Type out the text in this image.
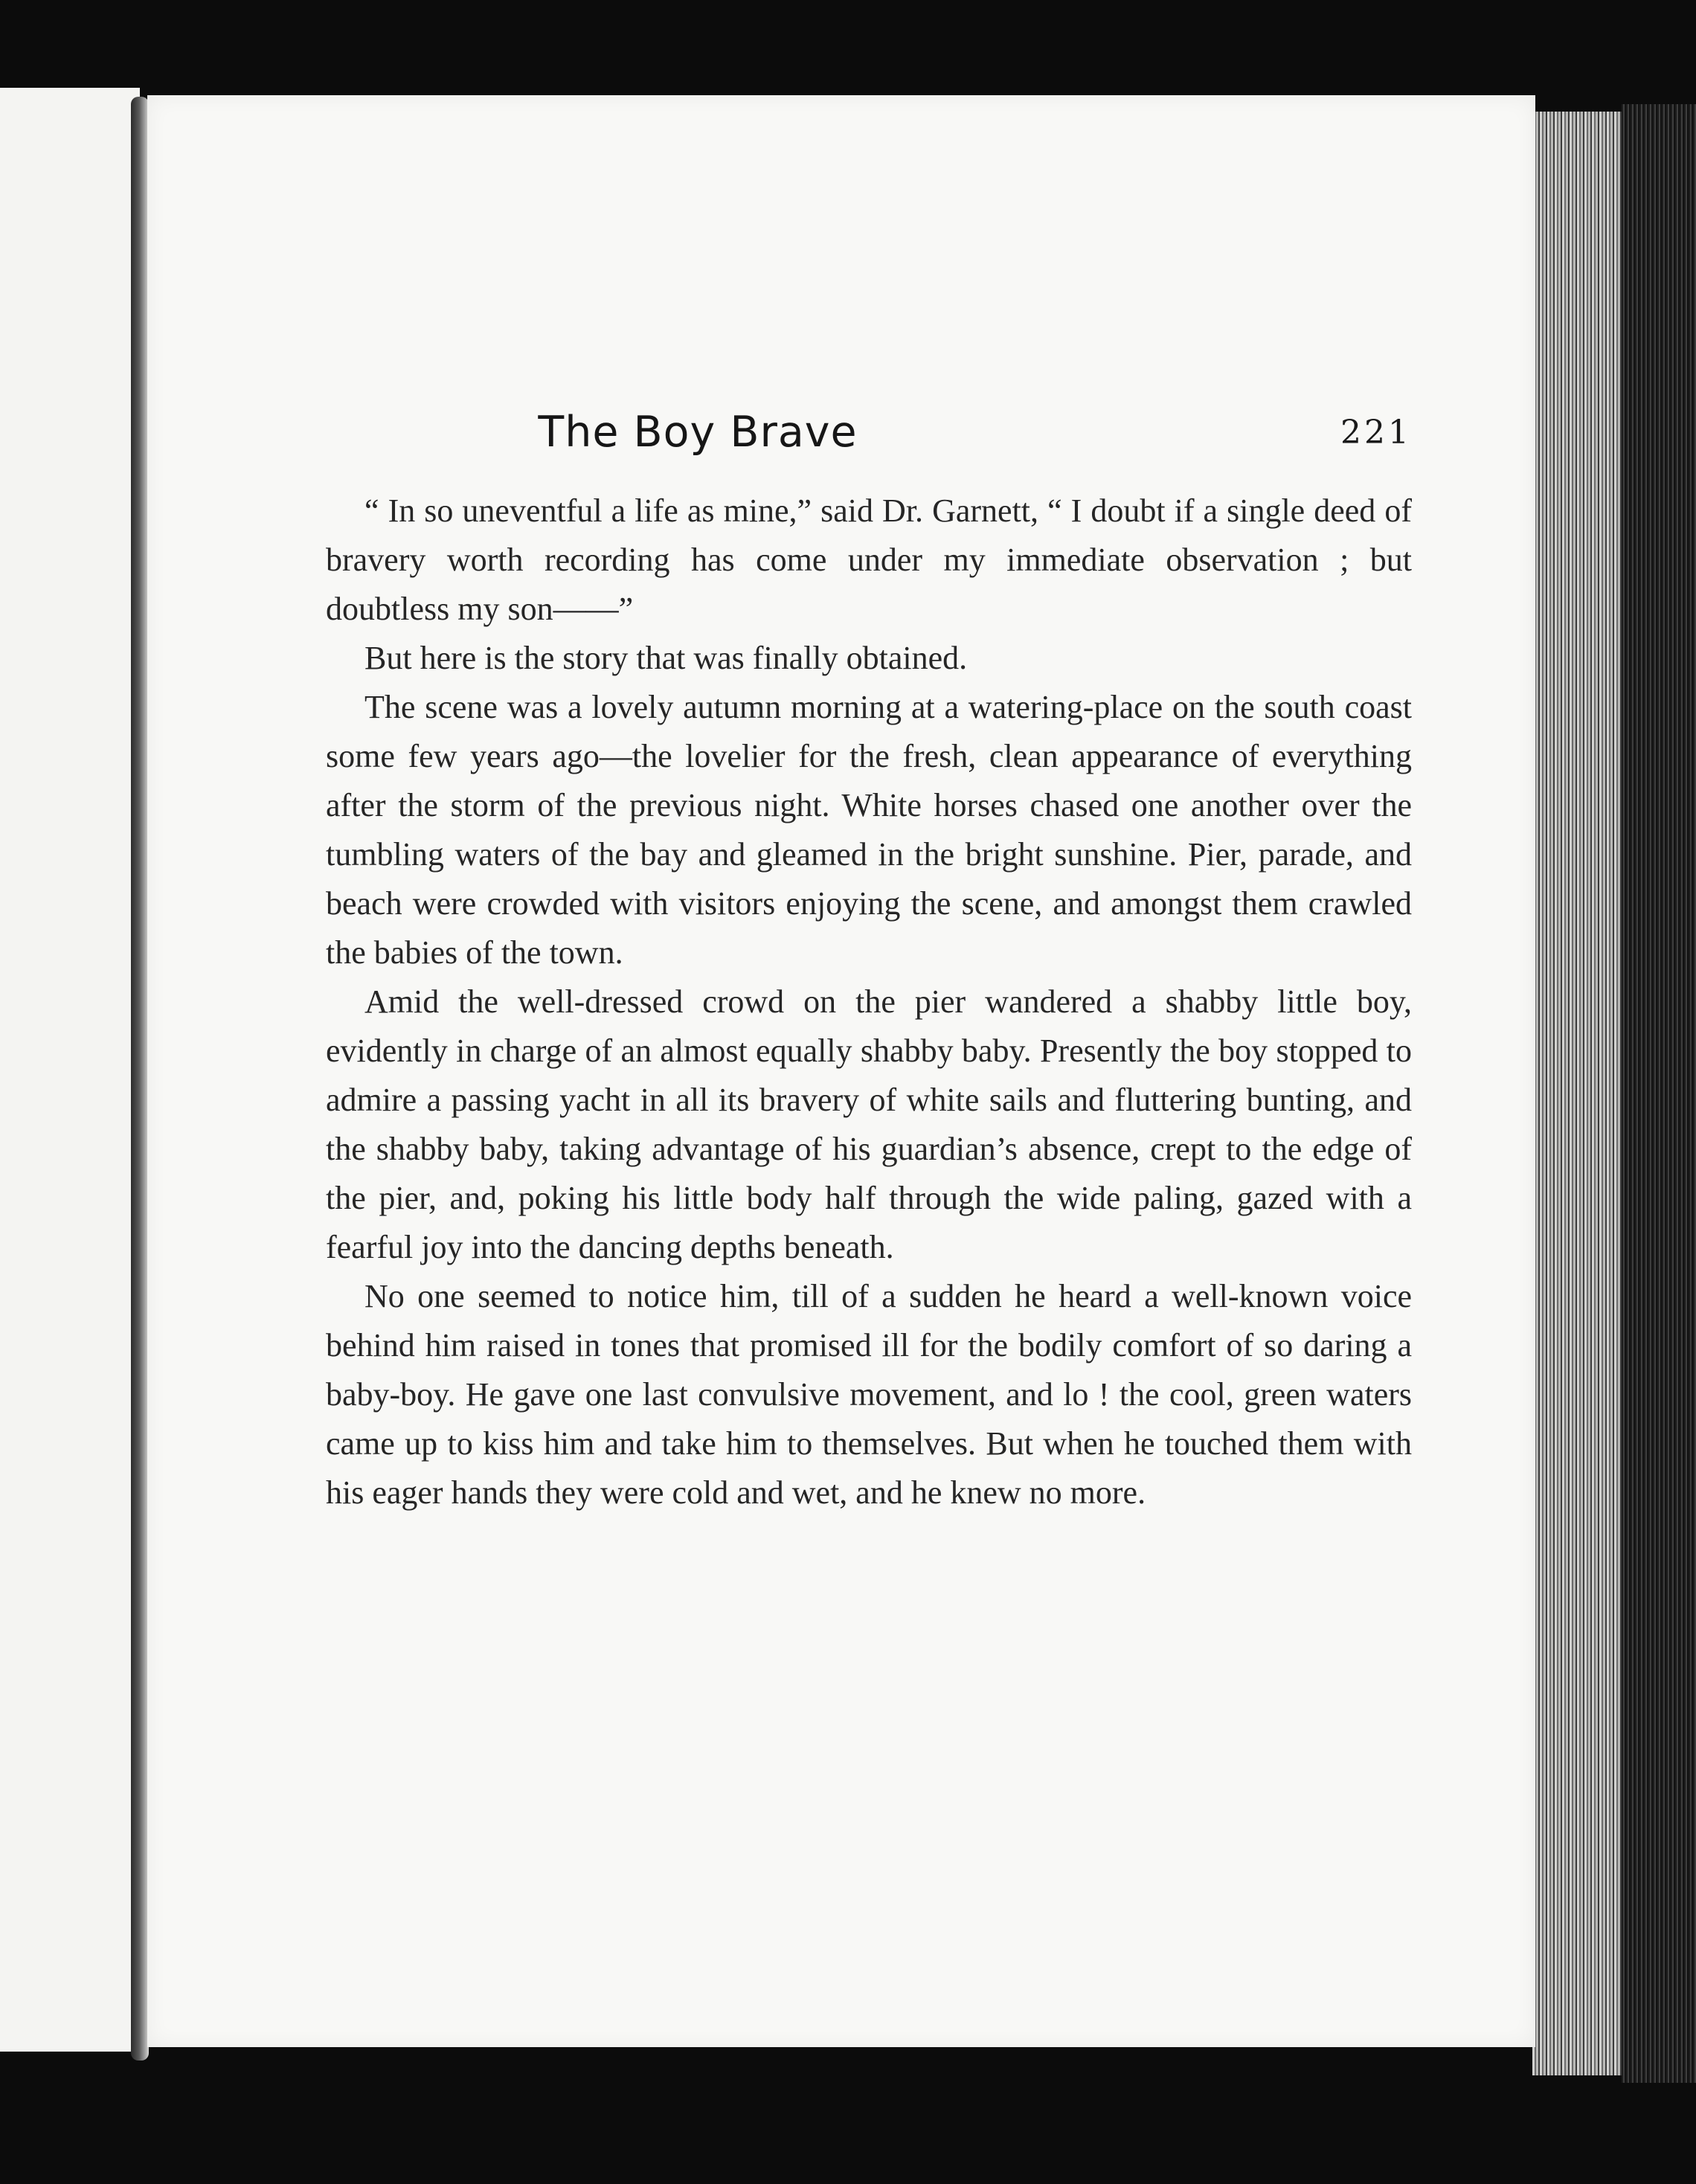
The Boy Brave	221

“ In so uneventful a life as mine,” said Dr. Garnett, “ I doubt if a single deed of bravery worth recording has come under my immediate observation ; but doubtless my son——”

But here is the story that was finally obtained.

The scene was a lovely autumn morning at a watering-place on the south coast some few years ago—the lovelier for the fresh, clean appearance of everything after the storm of the previous night. White horses chased one another over the tumbling waters of the bay and gleamed in the bright sunshine. Pier, parade, and beach were crowded with visitors enjoying the scene, and amongst them crawled the babies of the town.

Amid the well-dressed crowd on the pier wandered a shabby little boy, evidently in charge of an almost equally shabby baby. Presently the boy stopped to admire a passing yacht in all its bravery of white sails and fluttering bunting, and the shabby baby, taking advantage of his guardian’s absence, crept to the edge of the pier, and, poking his little body half through the wide paling, gazed with a fearful joy into the dancing depths beneath.

No one seemed to notice him, till of a sudden he heard a well-known voice behind him raised in tones that promised ill for the bodily comfort of so daring a baby-boy. He gave one last convulsive movement, and lo ! the cool, green waters came up to kiss him and take him to themselves. But when he touched them with his eager hands they were cold and wet, and he knew no more.
